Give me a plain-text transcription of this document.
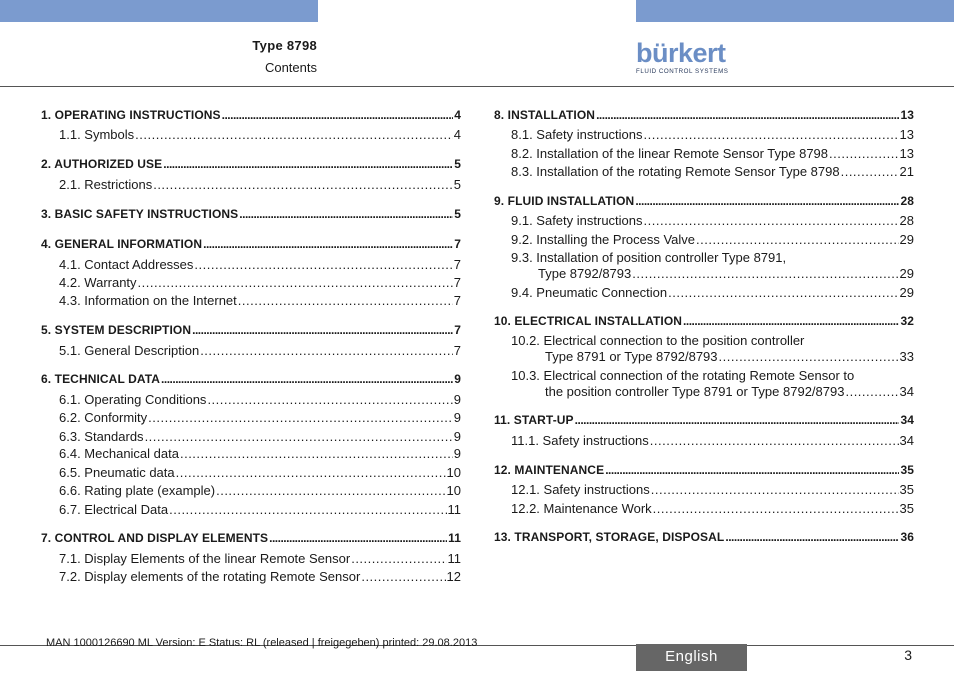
Type 8798
Contents	bürkert
FLUID CONTROL SYSTEMS
1. OPERATING INSTRUCTIONS .....	4
1.1. Symbols .....	4
2. AUTHORIZED USE .....	5
2.1. Restrictions .....	5
3. BASIC SAFETY INSTRUCTIONS .....	5
4. GENERAL INFORMATION .....	7
4.1. Contact Addresses .....	7
4.2. Warranty .....	7
4.3. Information on the Internet .....	7
5. SYSTEM DESCRIPTION .....	7
5.1. General Description .....	7
6. TECHNICAL DATA .....	9
6.1. Operating Conditions .....	9
6.2. Conformity .....	9
6.3. Standards .....	9
6.4. Mechanical data .....	9
6.5. Pneumatic data .....	10
6.6. Rating plate (example) .....	10
6.7. Electrical Data .....	11
7. CONTROL AND DISPLAY ELEMENTS .....	11
7.1. Display Elements of the linear Remote Sensor .....	11
7.2. Display elements of the rotating Remote Sensor .....	12
8. INSTALLATION .....	13
8.1. Safety instructions .....	13
8.2. Installation of the linear Remote Sensor Type 8798 .....	13
8.3. Installation of the rotating Remote Sensor Type 8798 .....	21
9. FLUID INSTALLATION .....	28
9.1. Safety instructions .....	28
9.2. Installing the Process Valve .....	29
9.3. Installation of position controller Type 8791,
Type 8792/8793 .....	29
9.4. Pneumatic Connection .....	29
10. ELECTRICAL INSTALLATION .....	32
10.2. Electrical connection to the position controller
Type 8791 or Type 8792/8793 .....	33
10.3. Electrical connection of the rotating Remote Sensor to
the position controller Type 8791 or Type 8792/8793 .....	34
11. START-UP .....	34
11.1. Safety instructions .....	34
12. MAINTENANCE .....	35
12.1. Safety instructions .....	35
12.2. Maintenance Work .....	35
13. TRANSPORT, STORAGE, DISPOSAL .....	36
MAN 1000126690 ML Version: E Status: RL (released | freigegeben) printed: 29.08.2013
English	3
